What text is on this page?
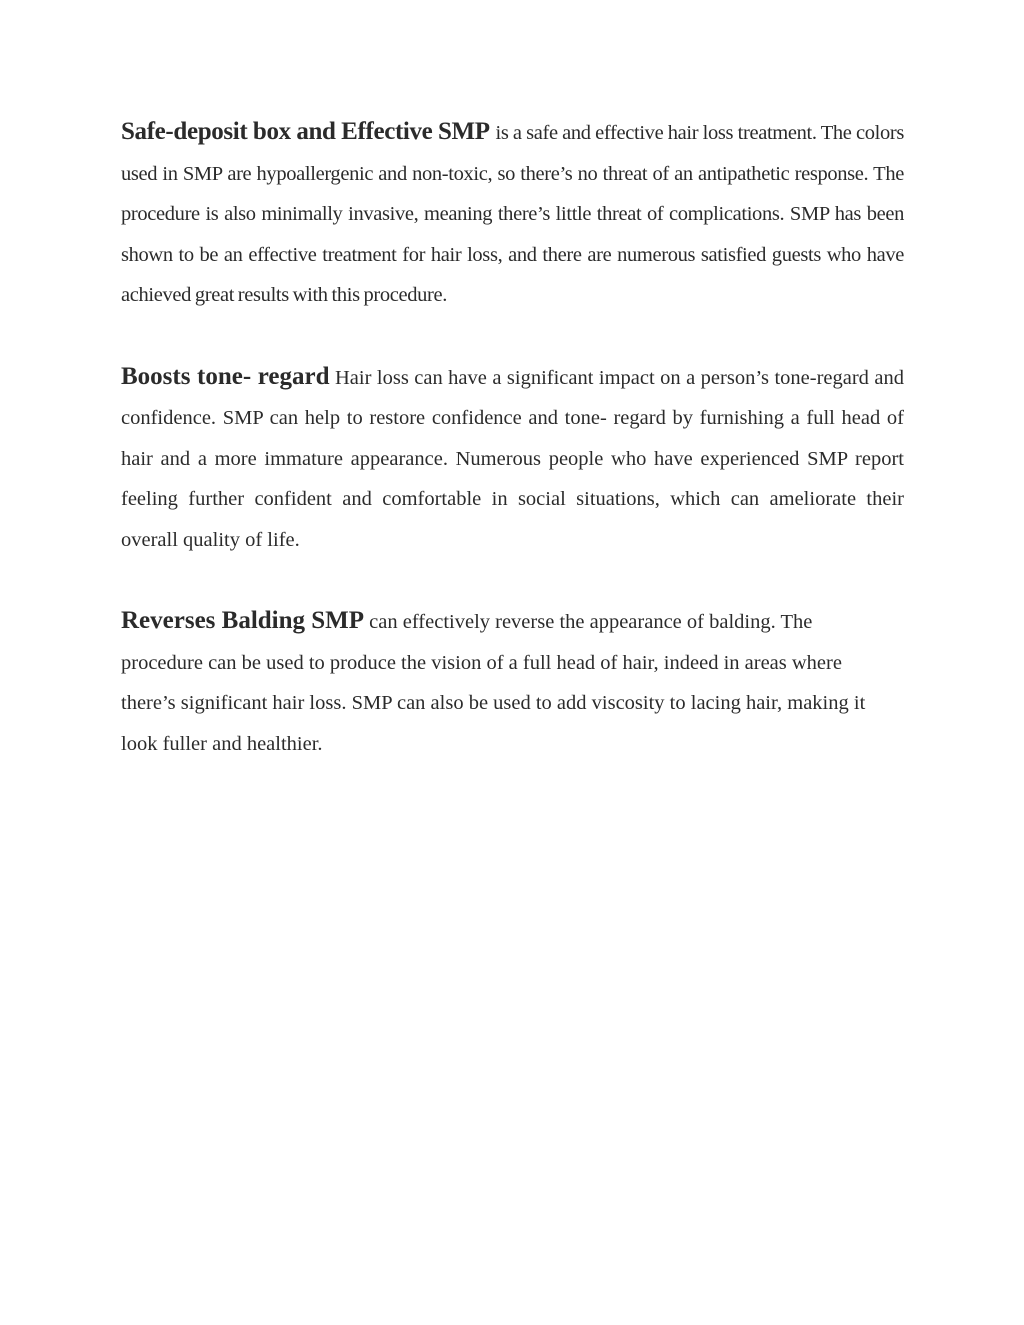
Safe-deposit box and Effective SMP is a safe and effective hair loss treatment. The colors used in SMP are hypoallergenic and non-toxic, so there’s no threat of an antipathetic response. The procedure is also minimally invasive, meaning there’s little threat of complications. SMP has been shown to be an effective treatment for hair loss, and there are numerous satisfied guests who have achieved great results with this procedure.

Boosts tone- regard Hair loss can have a significant impact on a person’s tone-regard and confidence. SMP can help to restore confidence and tone- regard by furnishing a full head of hair and a more immature appearance. Numerous people who have experienced SMP report feeling further confident and comfortable in social situations, which can ameliorate their overall quality of life.

Reverses Balding SMP can effectively reverse the appearance of balding. The procedure can be used to produce the vision of a full head of hair, indeed in areas where there’s significant hair loss. SMP can also be used to add viscosity to lacing hair, making it look fuller and healthier.
